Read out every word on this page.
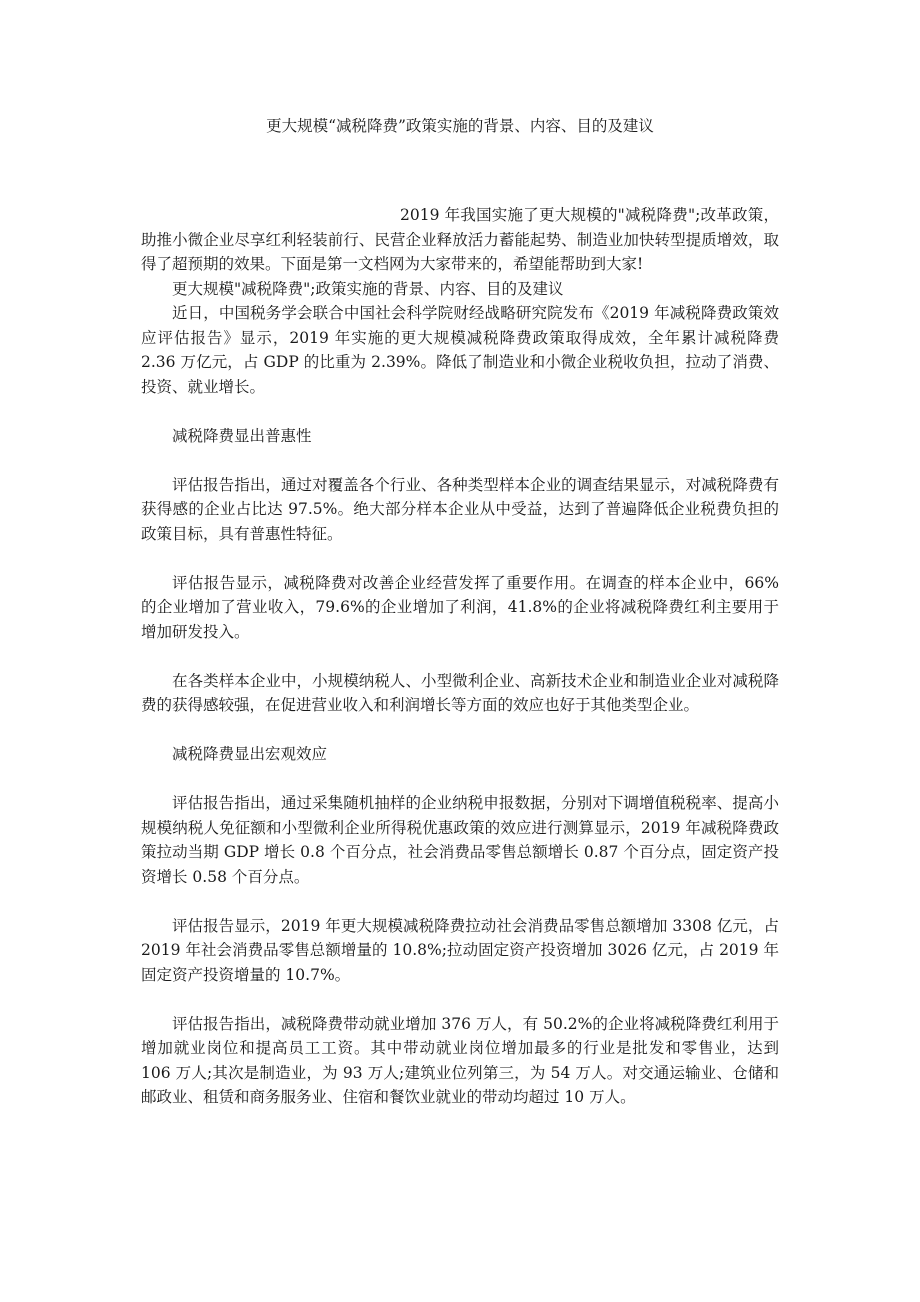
更大规模“减税降费”政策实施的背景、内容、目的及建议

2019 年我国实施了更大规模的"减税降费";改革政策，助推小微企业尽享红利轻装前行、民营企业释放活力蓄能起势、制造业加快转型提质增效，取得了超预期的效果。下面是第一文档网为大家带来的，希望能帮助到大家!

更大规模"减税降费";政策实施的背景、内容、目的及建议

近日，中国税务学会联合中国社会科学院财经战略研究院发布《2019 年减税降费政策效应评估报告》显示，2019 年实施的更大规模减税降费政策取得成效，全年累计减税降费 2.36 万亿元，占 GDP 的比重为 2.39%。降低了制造业和小微企业税收负担，拉动了消费、投资、就业增长。

减税降费显出普惠性

评估报告指出，通过对覆盖各个行业、各种类型样本企业的调查结果显示，对减税降费有获得感的企业占比达 97.5%。绝大部分样本企业从中受益，达到了普遍降低企业税费负担的政策目标，具有普惠性特征。

评估报告显示，减税降费对改善企业经营发挥了重要作用。在调查的样本企业中，66%的企业增加了营业收入，79.6%的企业增加了利润，41.8%的企业将减税降费红利主要用于增加研发投入。

在各类样本企业中，小规模纳税人、小型微利企业、高新技术企业和制造业企业对减税降费的获得感较强，在促进营业收入和利润增长等方面的效应也好于其他类型企业。

减税降费显出宏观效应

评估报告指出，通过采集随机抽样的企业纳税申报数据，分别对下调增值税税率、提高小规模纳税人免征额和小型微利企业所得税优惠政策的效应进行测算显示，2019 年减税降费政策拉动当期 GDP 增长 0.8 个百分点，社会消费品零售总额增长 0.87 个百分点，固定资产投资增长 0.58 个百分点。

评估报告显示，2019 年更大规模减税降费拉动社会消费品零售总额增加 3308 亿元，占 2019 年社会消费品零售总额增量的 10.8%;拉动固定资产投资增加 3026 亿元，占 2019 年固定资产投资增量的 10.7%。

评估报告指出，减税降费带动就业增加 376 万人，有 50.2%的企业将减税降费红利用于增加就业岗位和提高员工工资。其中带动就业岗位增加最多的行业是批发和零售业，达到 106 万人;其次是制造业，为 93 万人;建筑业位列第三，为 54 万人。对交通运输业、仓储和邮政业、租赁和商务服务业、住宿和餐饮业就业的带动均超过 10 万人。
